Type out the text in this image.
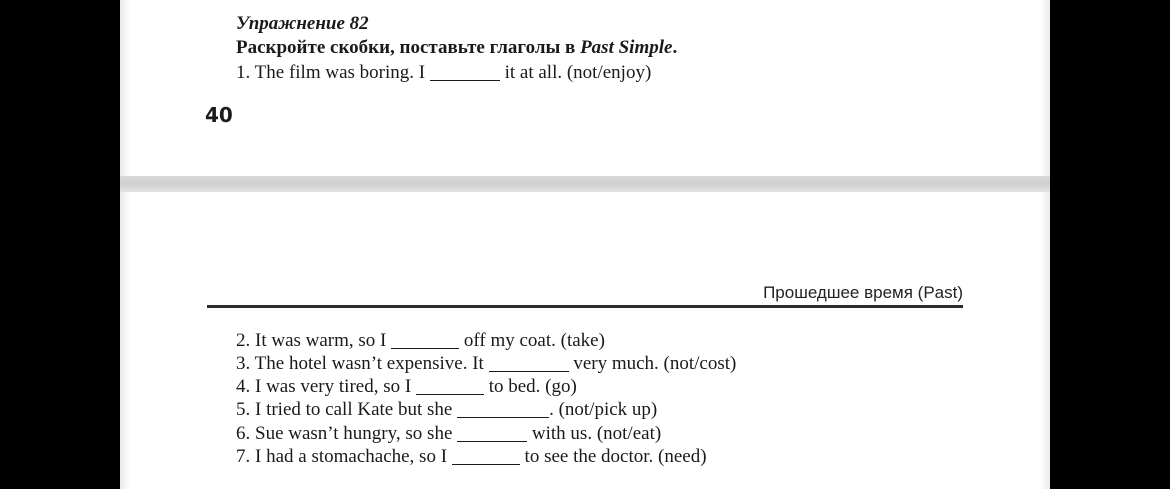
Упражнение 82
Раскройте скобки, поставьте глаголы в Past Simple.
1. The film was boring. I	it at all. (not/enjoy)
40
Прошедшее время (Past)
2. It was warm, so I	off my coat. (take)
3. The hotel wasn’t expensive. It	very much. (not/cost)
4. I was very tired, so I	to bed. (go)
5. I tried to call Kate but she	. (not/pick up)
6. Sue wasn’t hungry, so she	with us. (not/eat)
7. I had a stomachache, so I	to see the doctor. (need)
